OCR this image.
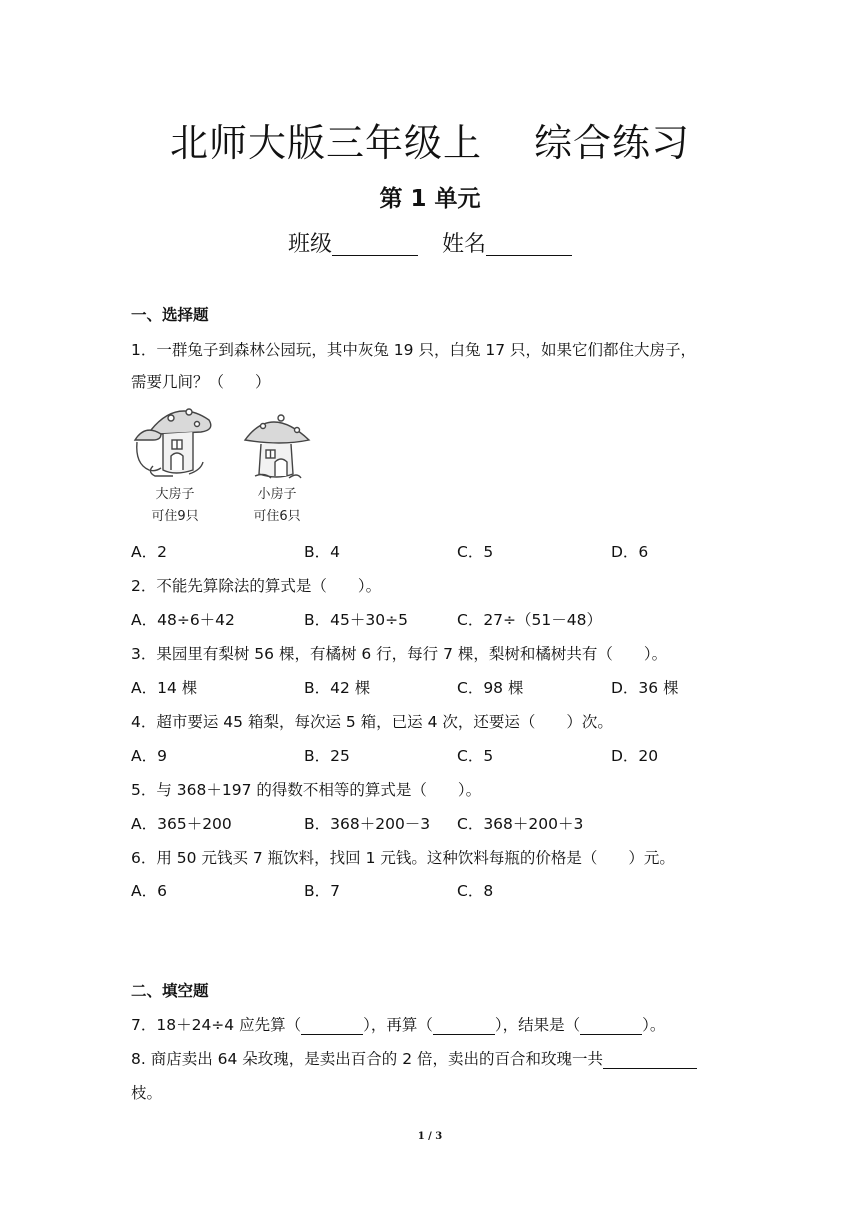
北师大版三年级上 综合练习
第 1 单元
班级	姓名
一、选择题
1．一群兔子到森林公园玩，其中灰兔 19 只，白兔 17 只，如果它们都住大房子，
需要几间？（　　）
大房子
可住9只
小房子
可住6只
A．2	B．4	C．5	D．6
2．不能先算除法的算式是（　　）。
A．48÷6＋42	B．45＋30÷5	C．27÷（51－48）
3．果园里有梨树 56 棵，有橘树 6 行，每行 7 棵，梨树和橘树共有（　　）。
A．14 棵	B．42 棵	C．98 棵	D．36 棵
4．超市要运 45 箱梨，每次运 5 箱，已运 4 次，还要运（　　）次。
A．9	B．25	C．5	D．20
5．与 368＋197 的得数不相等的算式是（　　）。
A．365＋200	B．368＋200－3 C．368＋200＋3
6．用 50 元钱买 7 瓶饮料，找回 1 元钱。这种饮料每瓶的价格是（　　）元。
A．6	B．7	C．8
二、填空题
7．18＋24÷4 应先算（	），再算（	），结果是（	）。
8. 商店卖出 64 朵玫瑰，是卖出百合的 2 倍，卖出的百合和玫瑰一共
枝。
1 / 3
